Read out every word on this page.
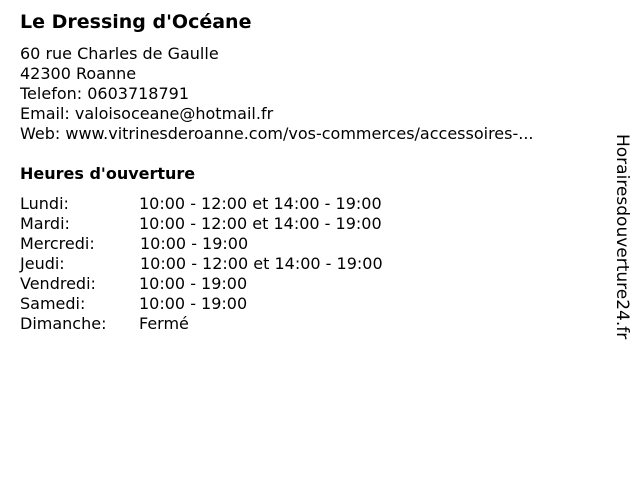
Le Dressing d'Océane
60 rue Charles de Gaulle
42300 Roanne
Telefon: 0603718791
Email: valoisoceane@hotmail.fr
Web: www.vitrinesderoanne.com/vos-commerces/accessoires-...
Heures d'ouverture
Lundi:	10:00 - 12:00 et 14:00 - 19:00
Mardi:	10:00 - 12:00 et 14:00 - 19:00
Mercredi:	10:00 - 19:00
Jeudi:	10:00 - 12:00 et 14:00 - 19:00
Vendredi:	10:00 - 19:00
Samedi:	10:00 - 19:00
Dimanche:	Fermé	Horairesdouverture24.fr
